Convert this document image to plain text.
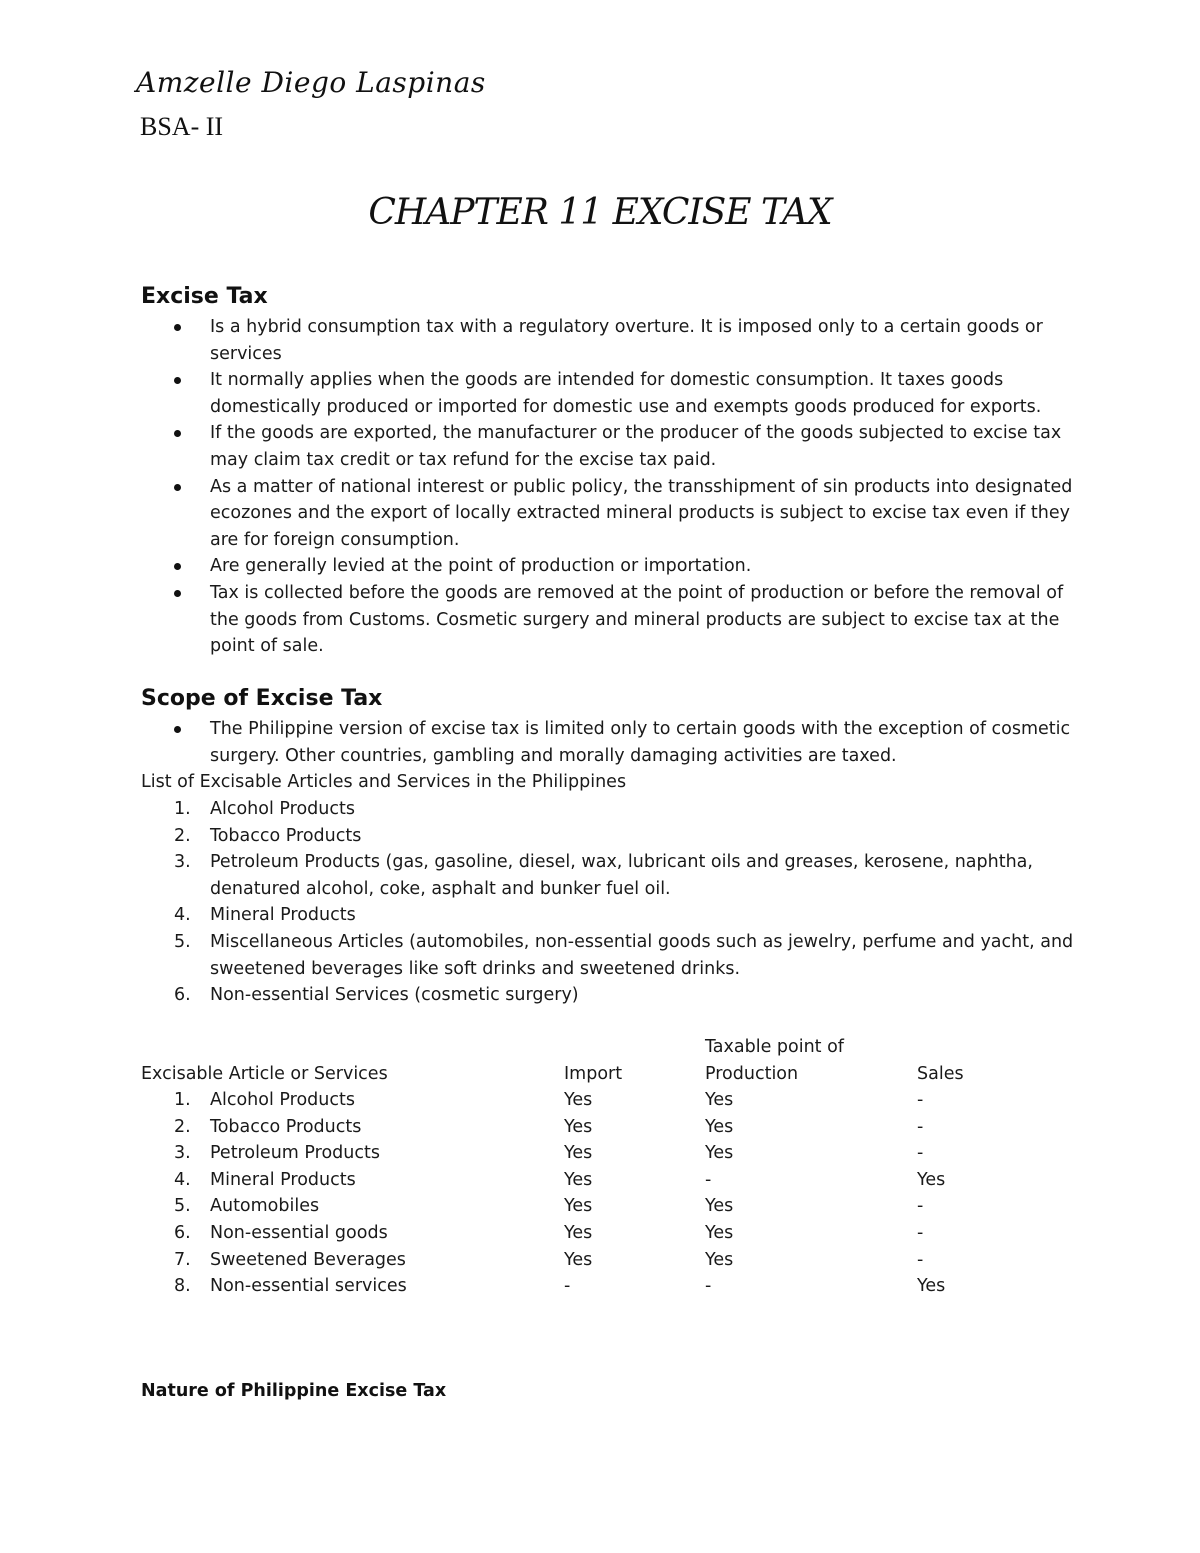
Amzelle Diego Laspinas
BSA- II
CHAPTER 11 EXCISE TAX
Excise Tax
Is a hybrid consumption tax with a regulatory overture. It is imposed only to a certain goods or services
It normally applies when the goods are intended for domestic consumption. It taxes goods domestically produced or imported for domestic use and exempts goods produced for exports.
If the goods are exported, the manufacturer or the producer of the goods subjected to excise tax may claim tax credit or tax refund for the excise tax paid.
As a matter of national interest or public policy, the transshipment of sin products into designated ecozones and the export of locally extracted mineral products is subject to excise tax even if they are for foreign consumption.
Are generally levied at the point of production or importation.
Tax is collected before the goods are removed at the point of production or before the removal of the goods from Customs. Cosmetic surgery and mineral products are subject to excise tax at the point of sale.
Scope of Excise Tax
The Philippine version of excise tax is limited only to certain goods with the exception of cosmetic surgery. Other countries, gambling and morally damaging activities are taxed.
List of Excisable Articles and Services in the Philippines
1. Alcohol Products
2. Tobacco Products
3. Petroleum Products (gas, gasoline, diesel, wax, lubricant oils and greases, kerosene, naphtha, denatured alcohol, coke, asphalt and bunker fuel oil.
4. Mineral Products
5. Miscellaneous Articles (automobiles, non-essential goods such as jewelry, perfume and yacht, and sweetened beverages like soft drinks and sweetened drinks.
6. Non-essential Services (cosmetic surgery)
Taxable point of
Excisable Article or Services	Import	Production	Sales
1. Alcohol Products	Yes	Yes	-
2. Tobacco Products	Yes	Yes	-
3. Petroleum Products	Yes	Yes	-
4. Mineral Products	Yes	-	Yes
5. Automobiles	Yes	Yes	-
6. Non-essential goods	Yes	Yes	-
7. Sweetened Beverages	Yes	Yes	-
8. Non-essential services	-	-	Yes
Nature of Philippine Excise Tax
